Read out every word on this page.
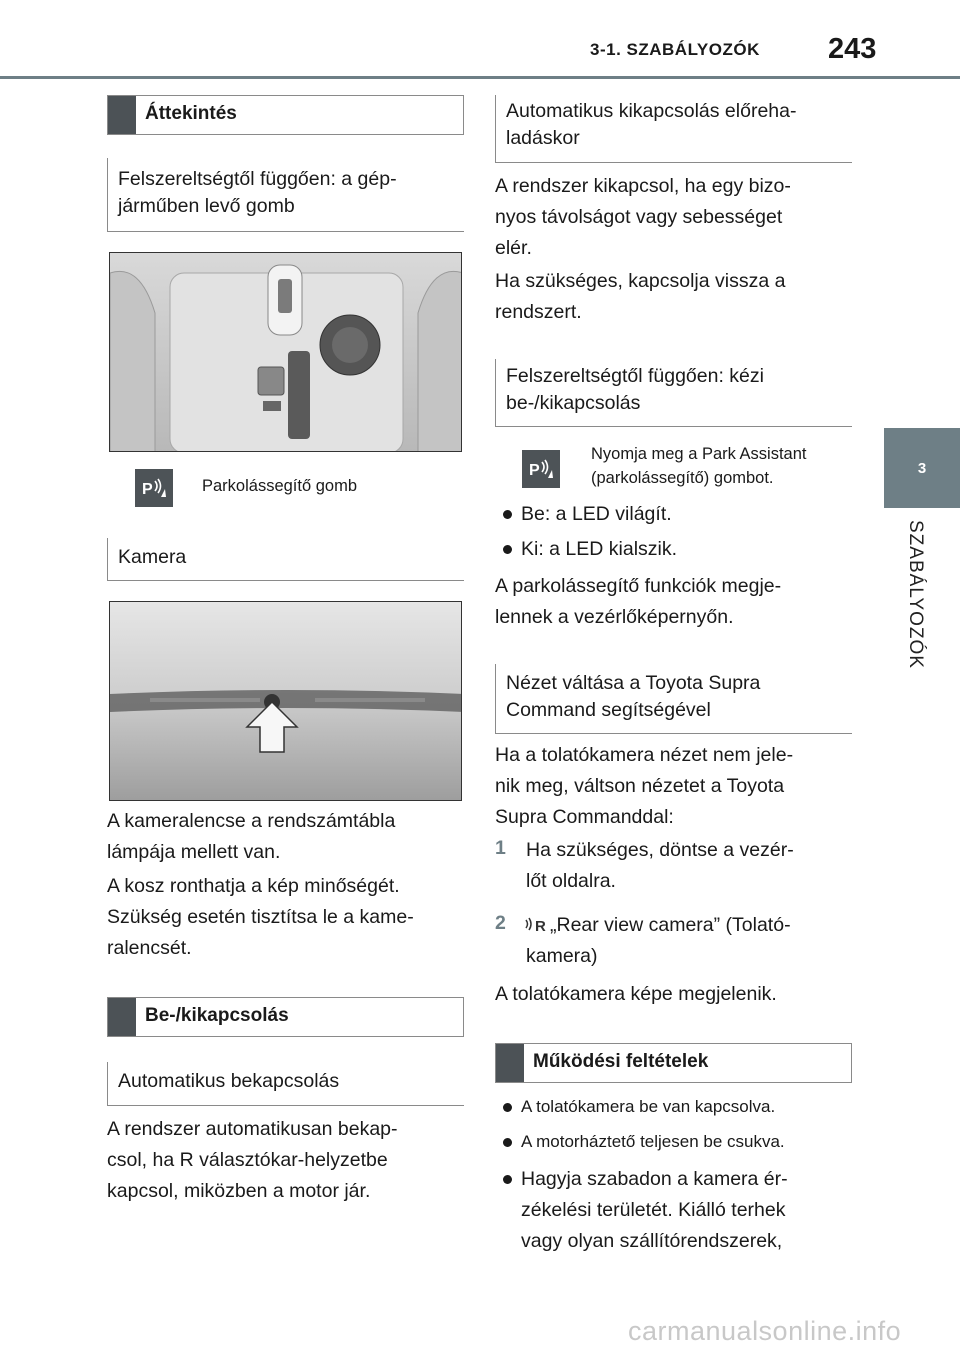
3-1. SZABÁLYOZÓK 243
3
SZABÁLYOZÓK
Áttekintés
Felszereltségtől függően: a gép-
járműben levő gomb
P	Parkolássegítő gomb
Kamera
A kameralencse a rendszámtábla
lámpája mellett van.
A kosz ronthatja a kép minőségét.
Szükség esetén tisztítsa le a kame-
ralencsét.
Be-/kikapcsolás
Automatikus bekapcsolás
A rendszer automatikusan bekap-
csol, ha R választókar-helyzetbe
kapcsol, miközben a motor jár.
Automatikus kikapcsolás előreha-
ladáskor
A rendszer kikapcsol, ha egy bizo-
nyos távolságot vagy sebességet
elér.
Ha szükséges, kapcsolja vissza a
rendszert.
Felszereltségtől függően: kézi
be-/kikapcsolás
P
Nyomja meg a Park Assistant
(parkolássegítő) gombot.
Be: a LED világít.
Ki: a LED kialszik.
A parkolássegítő funkciók megje-
lennek a vezérlőképernyőn.
Nézet váltása a Toyota Supra
Command segítségével
Ha a tolatókamera nézet nem jele-
nik meg, váltson nézetet a Toyota
Supra Commanddal:
1 Ha szükséges, döntse a vezér-
lőt oldalra.
2 R „Rear view camera” (Tolató-
kamera)
A tolatókamera képe megjelenik.
Működési feltételek
A tolatókamera be van kapcsolva.
A motorháztető teljesen be csukva.
Hagyja szabadon a kamera ér-
zékelési területét. Kiálló terhek
vagy olyan szállítórendszerek,
carmanualsonline.info
